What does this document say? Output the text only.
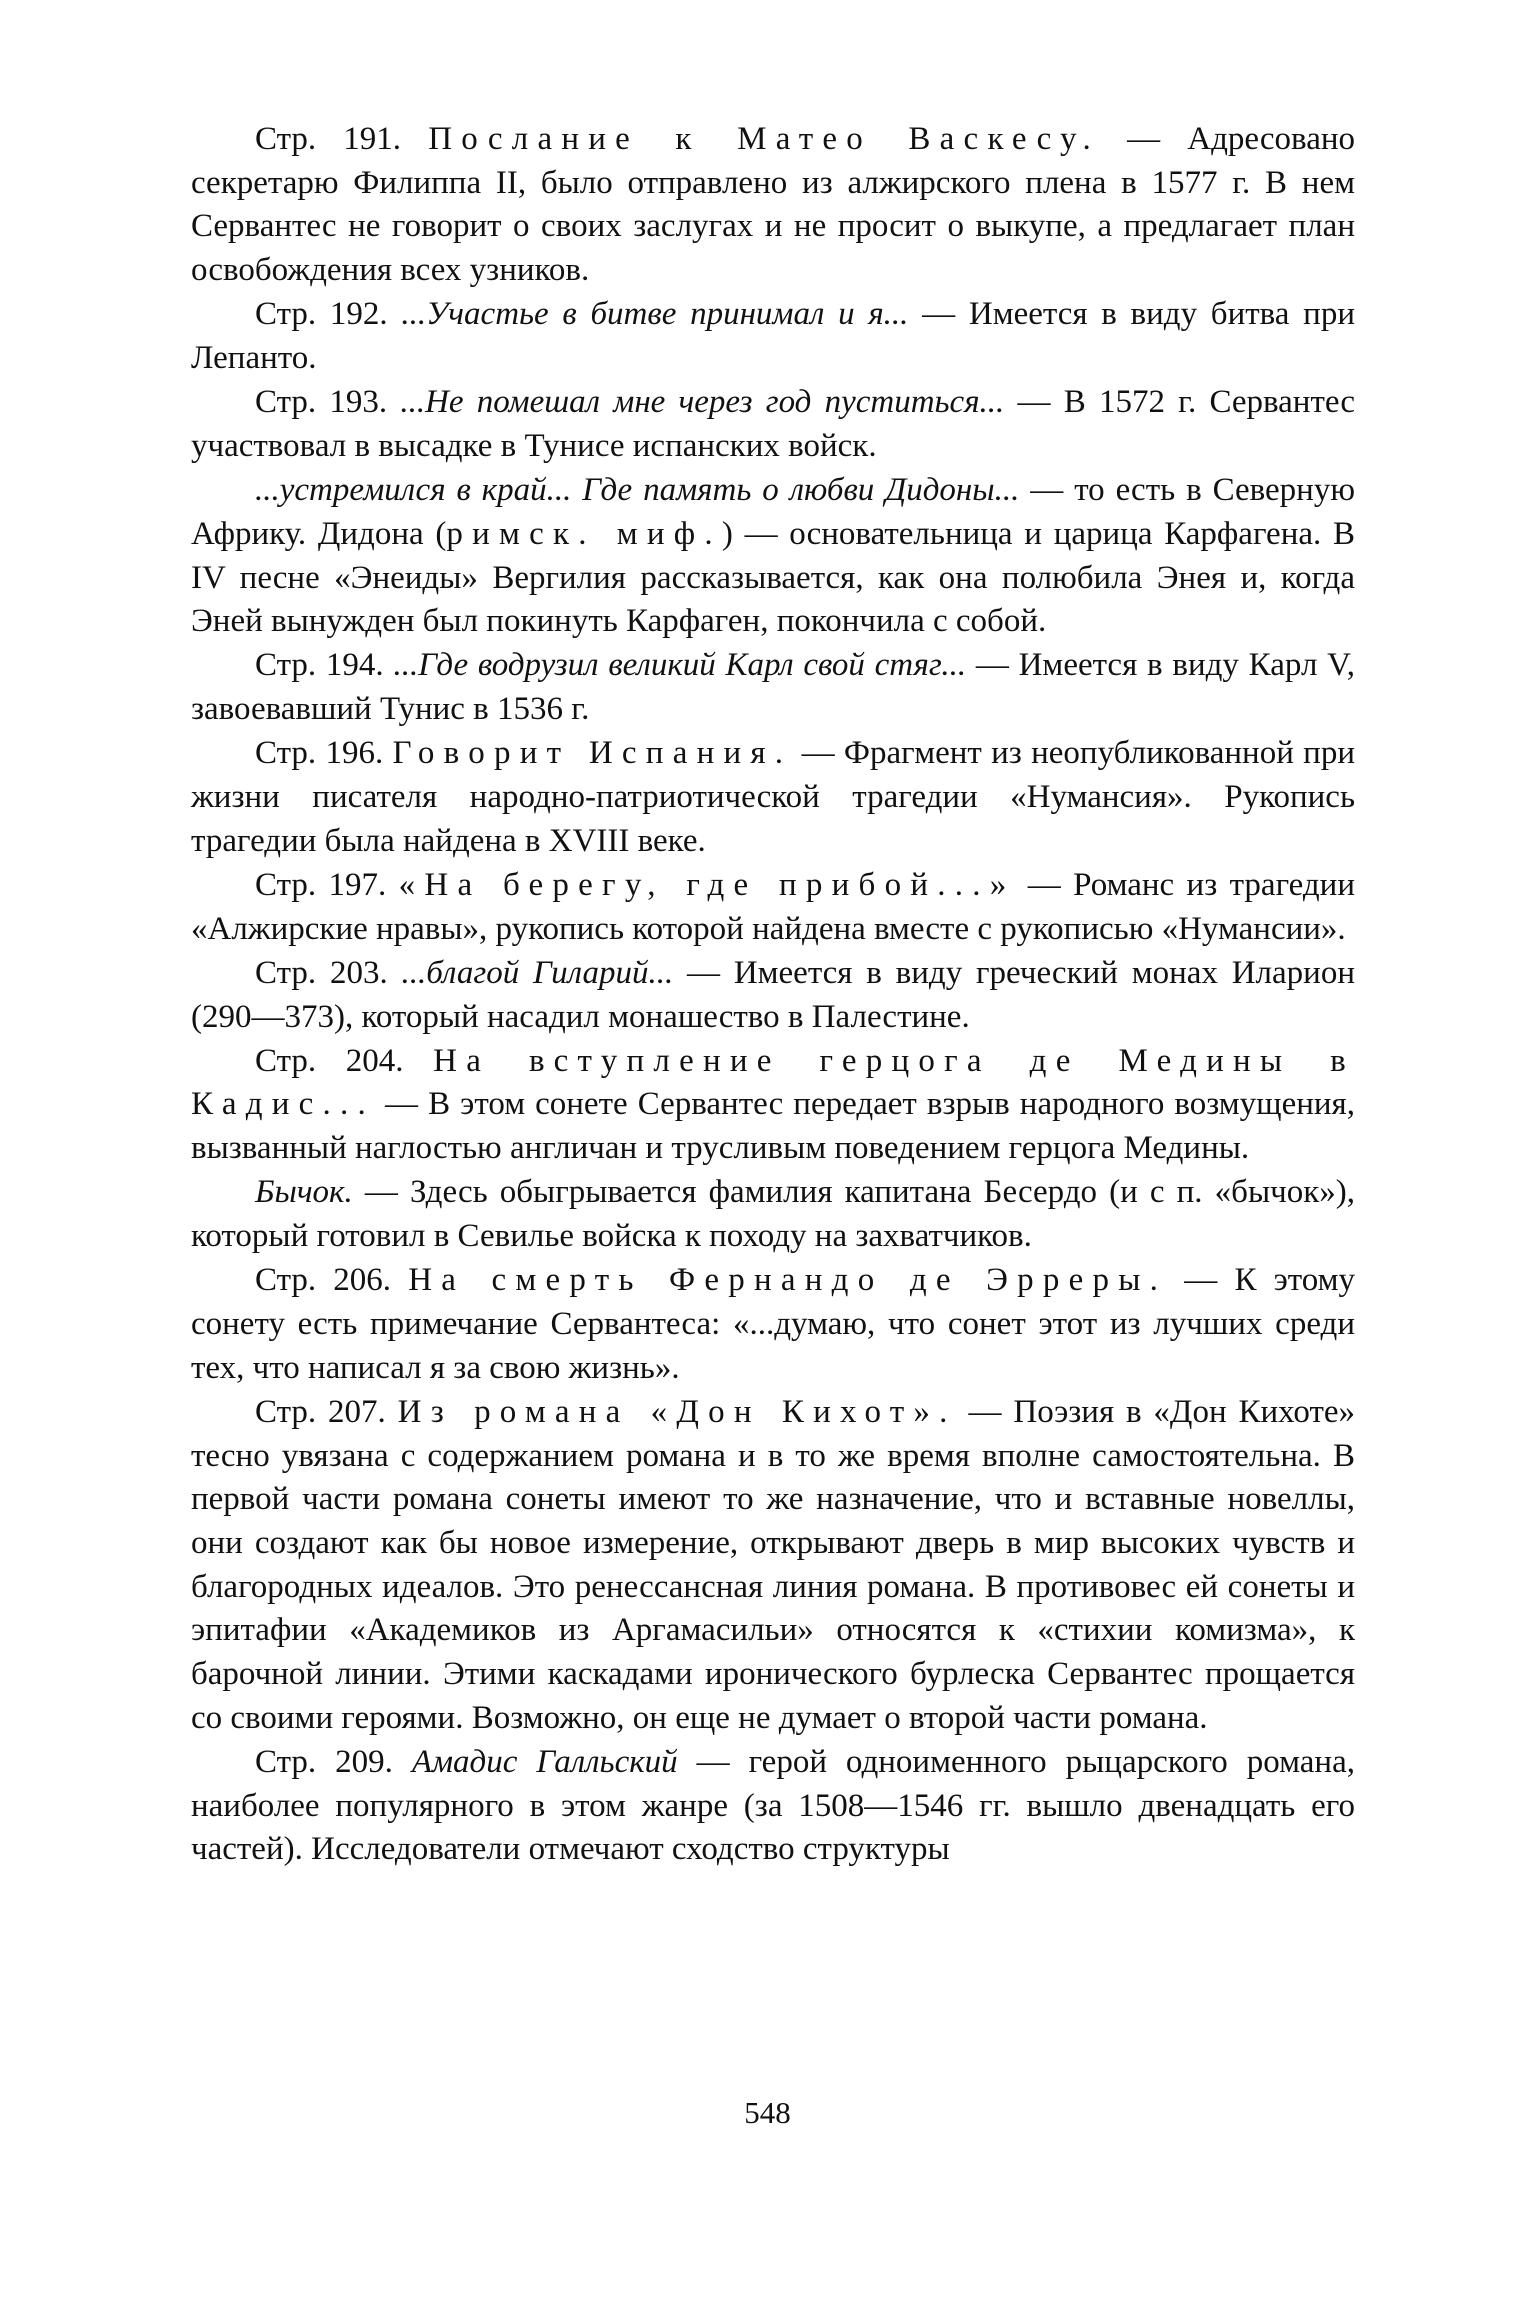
Стр. 191. Послание к Матео Васкесу. — Адресовано секретарю Филиппа II, было отправлено из алжирского плена в 1577 г. В нем Сервантес не говорит о своих заслугах и не просит о выкупе, а предлагает план освобождения всех узников.

Стр. 192. ...Участье в битве принимал и я... — Имеется в виду битва при Лепанто.

Стр. 193. ...Не помешал мне через год пуститься... — В 1572 г. Сервантес участвовал в высадке в Тунисе испанских войск.

...устремился в край... Где память о любви Дидоны... — то есть в Северную Африку. Дидона (римск. миф.) — основательница и царица Карфагена. В IV песне «Энеиды» Вергилия рассказывается, как она полюбила Энея и, когда Эней вынужден был покинуть Карфаген, покончила с собой.

Стр. 194. ...Где водрузил великий Карл свой стяг... — Имеется в виду Карл V, завоевавший Тунис в 1536 г.

Стр. 196. Говорит Испания. — Фрагмент из неопубликованной при жизни писателя народно-патриотической трагедии «Нумансия». Рукопись трагедии была найдена в XVIII веке.

Стр. 197. «На берегу, где прибой...» — Романс из трагедии «Алжирские нравы», рукопись которой найдена вместе с рукописью «Нумансии».

Стр. 203. ...благой Гиларий... — Имеется в виду греческий монах Иларион (290—373), который насадил монашество в Палестине.

Стр. 204. На вступление герцога де Медины в Кадис... — В этом сонете Сервантес передает взрыв народного возмущения, вызванный наглостью англичан и трусливым поведением герцога Медины.

Бычок. — Здесь обыгрывается фамилия капитана Бесердо (и с п. «бычок»), который готовил в Севилье войска к походу на захватчиков.

Стр. 206. На смерть Фернандо де Эрреры. — К этому сонету есть примечание Сервантеса: «...думаю, что сонет этот из лучших среди тех, что написал я за свою жизнь».

Стр. 207. Из романа «Дон Кихот». — Поэзия в «Дон Кихоте» тесно увязана с содержанием романа и в то же время вполне самостоятельна. В первой части романа сонеты имеют то же назначение, что и вставные новеллы, они создают как бы новое измерение, открывают дверь в мир высоких чувств и благородных идеалов. Это ренессансная линия романа. В противовес ей сонеты и эпитафии «Академиков из Аргамасильи» относятся к «стихии комизма», к барочной линии. Этими каскадами иронического бурлеска Сервантес прощается со своими героями. Возможно, он еще не думает о второй части романа.

Стр. 209. Амадис Галльский — герой одноименного рыцарского романа, наиболее популярного в этом жанре (за 1508—1546 гг. вышло двенадцать его частей). Исследователи отмечают сходство структуры

548
